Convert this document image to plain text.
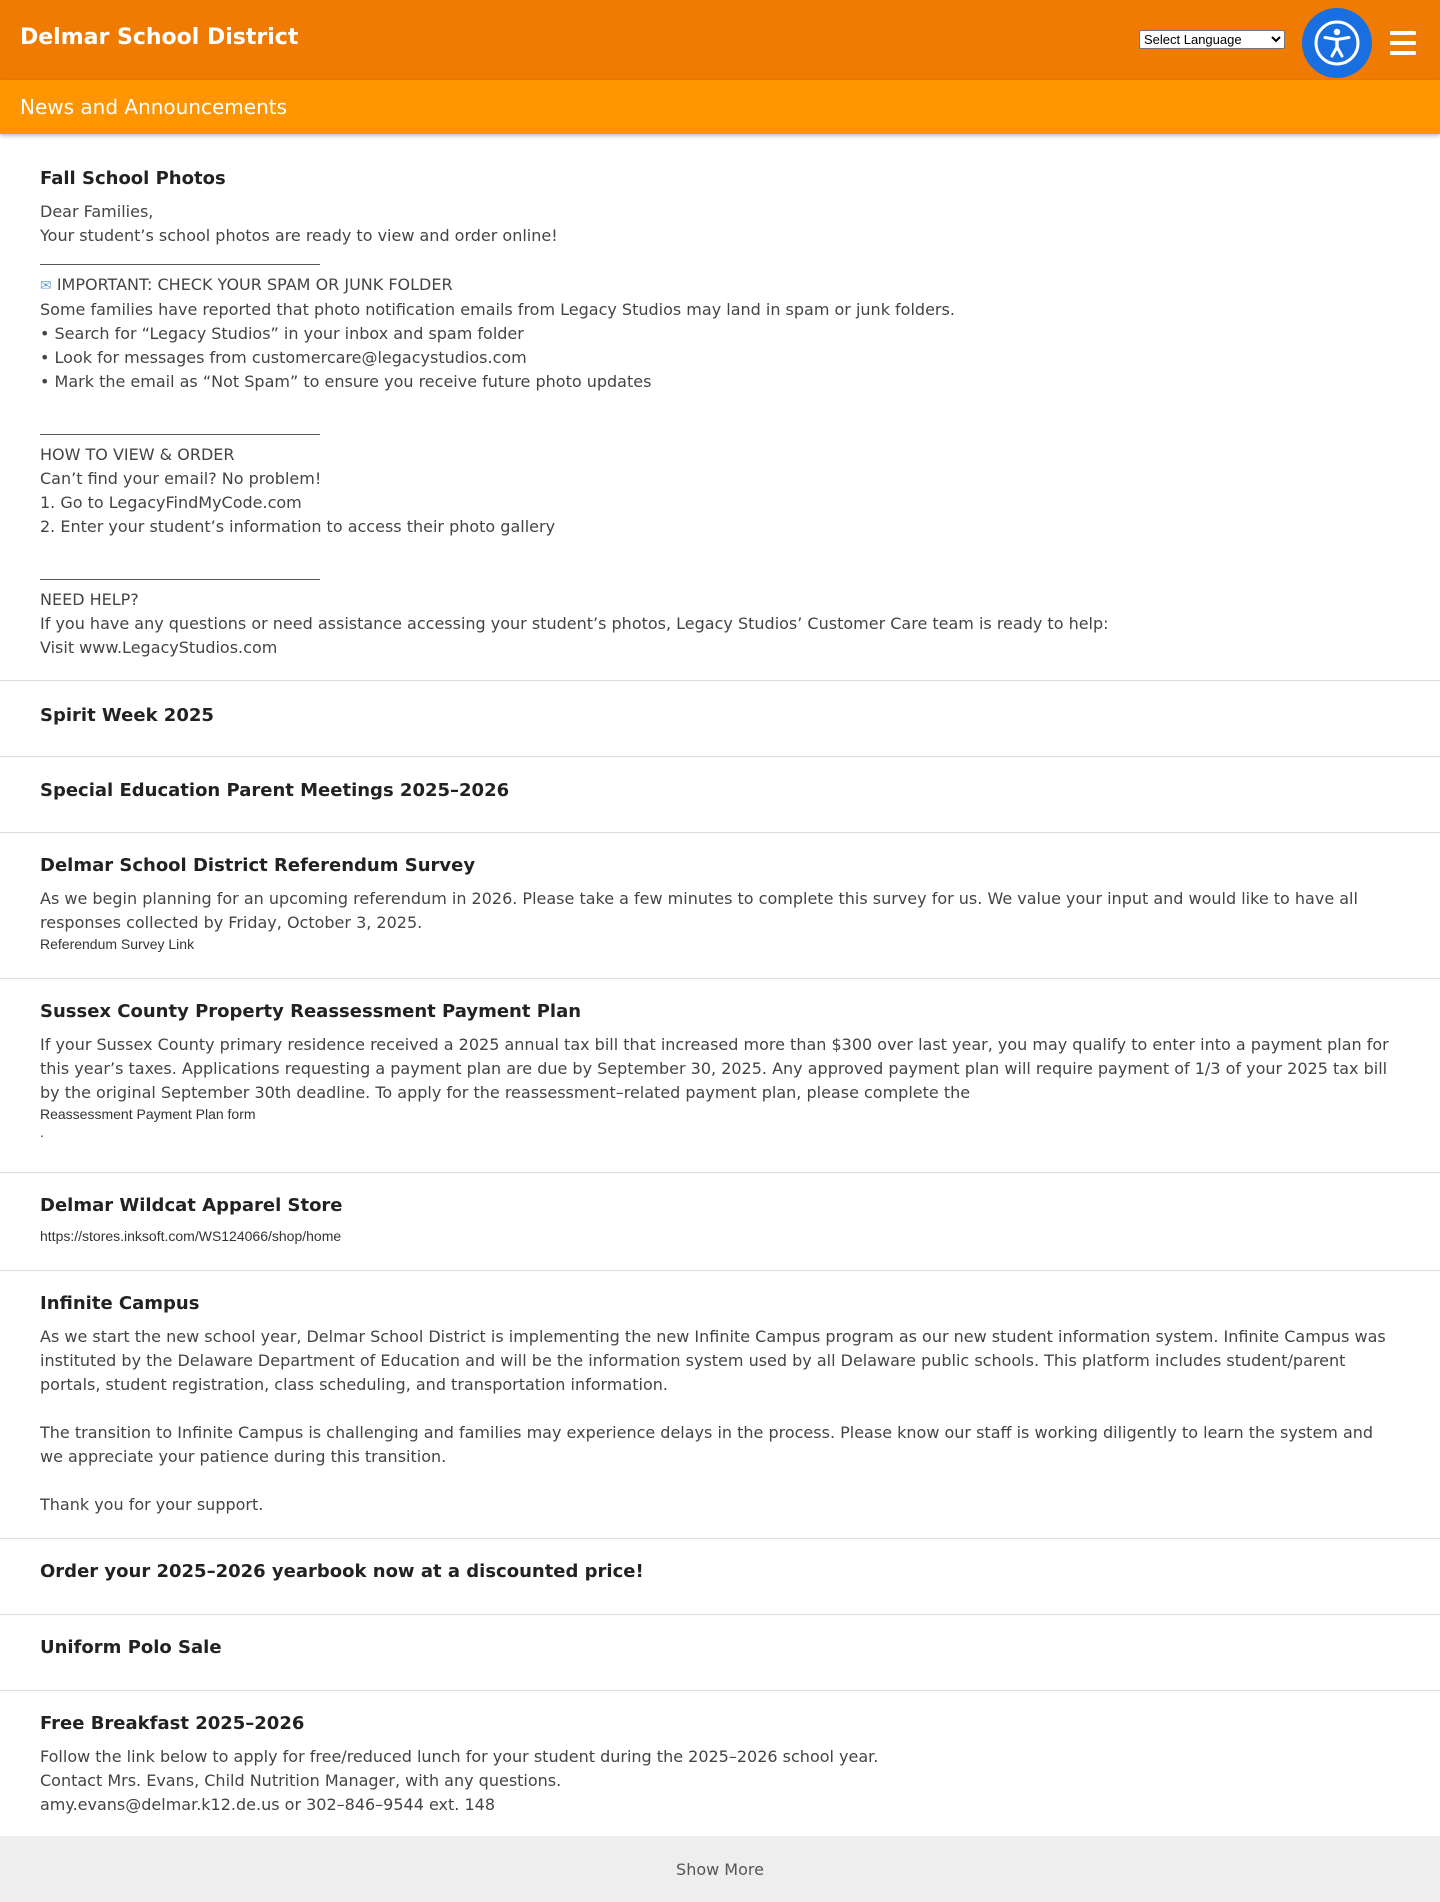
Delmar School District
Select Language
News and Announcements
Fall School Photos

Dear Families,

Your student’s school photos are ready to view and order online!

✉ IMPORTANT: CHECK YOUR SPAM OR JUNK FOLDER

Some families have reported that photo notification emails from Legacy Studios may land in spam or junk folders.

• Search for “Legacy Studios” in your inbox and spam folder

• Look for messages from customercare@legacystudios.com

• Mark the email as “Not Spam” to ensure you receive future photo updates

HOW TO VIEW & ORDER

Can’t find your email? No problem!

1. Go to LegacyFindMyCode.com

2. Enter your student’s information to access their photo gallery

NEED HELP?

If you have any questions or need assistance accessing your student’s photos, Legacy Studios’ Customer Care team is ready to help:

Visit www.LegacyStudios.com

Spirit Week 2025
Special Education Parent Meetings 2025–2026
Delmar School District Referendum Survey

As we begin planning for an upcoming referendum in 2026. Please take a few minutes to complete this survey for us. We value your input and would like to have all responses collected by Friday, October 3, 2025.

Referendum Survey Link
Sussex County Property Reassessment Payment Plan

If your Sussex County primary residence received a 2025 annual tax bill that increased more than $300 over last year, you may qualify to enter into a payment plan for this year’s taxes. Applications requesting a payment plan are due by September 30, 2025. Any approved payment plan will require payment of 1/3 of your 2025 tax bill by the original September 30th deadline. To apply for the reassessment–related payment plan, please complete the

Reassessment Payment Plan form
.
Delmar Wildcat Apparel Store
https://stores.inksoft.com/WS124066/shop/home
Infinite Campus

As we start the new school year, Delmar School District is implementing the new Infinite Campus program as our new student information system. Infinite Campus was instituted by the Delaware Department of Education and will be the information system used by all Delaware public schools. This platform includes student/parent portals, student registration, class scheduling, and transportation information.

The transition to Infinite Campus is challenging and families may experience delays in the process. Please know our staff is working diligently to learn the system and we appreciate your patience during this transition.

Thank you for your support.

Order your 2025–2026 yearbook now at a discounted price!
Uniform Polo Sale
Free Breakfast 2025–2026

Follow the link below to apply for free/reduced lunch for your student during the 2025–2026 school year.

Contact Mrs. Evans, Child Nutrition Manager, with any questions.

amy.evans@delmar.k12.de.us or 302–846–9544 ext. 148

Show More
